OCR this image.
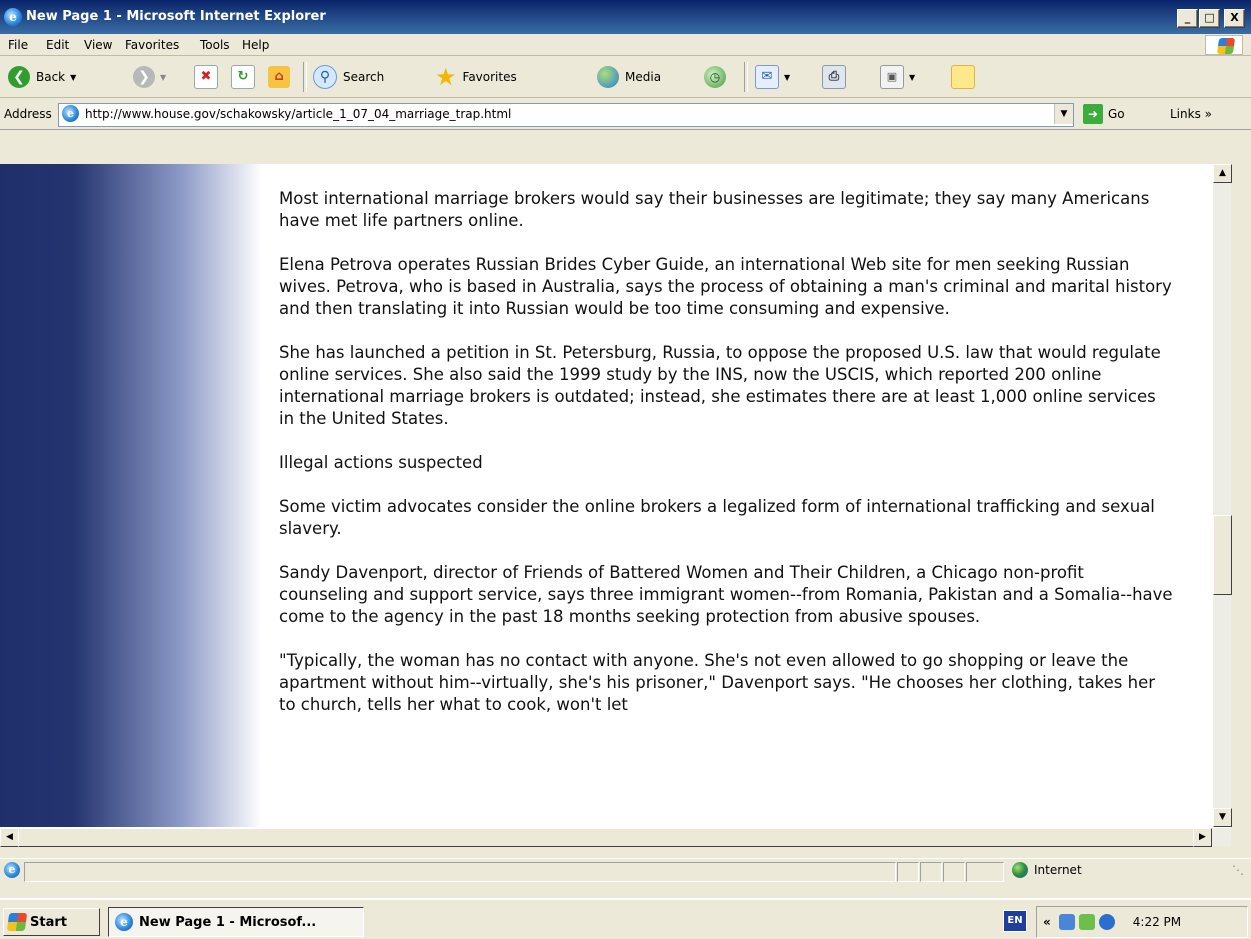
e New Page 1 - Microsoft Internet Explorer	_	□	X
File Edit View Favorites Tools Help
❮ Back ▼	❯	▼	✖	↻	⌂	⚲	Search ★ Favorites	Media	◷	✉	▼	⎙	▣	▼
Address	e
http://www.house.gov/schakowsky/article_1_07_04_marriage_trap.html	▼	➜ Go	Links »

Most international marriage brokers would say their businesses are legitimate; they say many Americans have met life partners online.

Elena Petrova operates Russian Brides Cyber Guide, an international Web site for men seeking Russian wives. Petrova, who is based in Australia, says the process of obtaining a man's criminal and marital history and then translating it into Russian would be too time consuming and expensive.

She has launched a petition in St. Petersburg, Russia, to oppose the proposed U.S. law that would regulate online services. She also said the 1999 study by the INS, now the USCIS, which reported 200 online international marriage brokers is outdated; instead, she estimates there are at least 1,000 online services in the United States.

Illegal actions suspected

Some victim advocates consider the online brokers a legalized form of international trafficking and sexual slavery.

Sandy Davenport, director of Friends of Battered Women and Their Children, a Chicago non-profit counseling and support service, says three immigrant women--from Romania, Pakistan and a Somalia--have come to the agency in the past 18 months seeking protection from abusive spouses.

"Typically, the woman has no contact with anyone. She's not even allowed to go shopping or leave the apartment without him--virtually, she's his prisoner," Davenport says. "He chooses her clothing, takes her to church, tells her what to cook, won't let

▲
▼
◀	▶
e	Internet	⋱
Start	e New Page 1 - Microsof...	EN	«	4:22 PM
